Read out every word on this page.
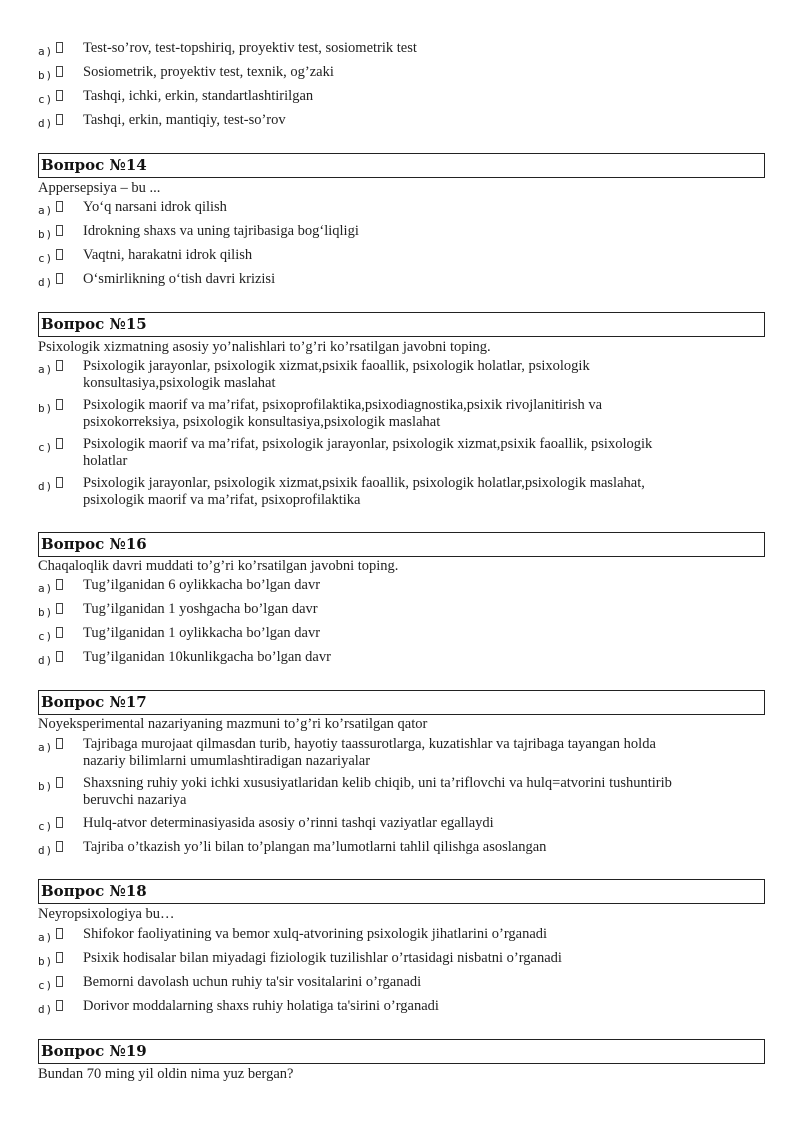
a) Test-so’rov, test-topshiriq, proyektiv test, sosiometrik test
b) Sosiometrik, proyektiv test, texnik, og’zaki
c) Tashqi, ichki, erkin, standartlashtirilgan
d) Tashqi, erkin, mantiqiy, test-so’rov
Вопрос №14
Appersepsiya – bu ...
a) Yo‘q narsani idrok qilish
b) Idrokning shaxs va uning tajribasiga bog‘liqligi
c) Vaqtni, harakatni idrok qilish
d) O‘smirlikning o‘tish davri krizisi
Вопрос №15
Psixologik xizmatning asosiy yo’nalishlari to’g’ri ko’rsatilgan javobni toping.
a) Psixologik jarayonlar, psixologik xizmat,psixik faoallik, psixologik holatlar, psixologik
konsultasiya,psixologik maslahat
b) Psixologik maorif va ma’rifat, psixoprofilaktika,psixodiagnostika,psixik rivojlanitirish va
psixokorreksiya, psixologik konsultasiya,psixologik maslahat
c) Psixologik maorif va ma’rifat, psixologik jarayonlar, psixologik xizmat,psixik faoallik, psixologik
holatlar
d) Psixologik jarayonlar, psixologik xizmat,psixik faoallik, psixologik holatlar,psixologik maslahat,
psixologik maorif va ma’rifat, psixoprofilaktika
Вопрос №16
Chaqaloqlik davri muddati to’g’ri ko’rsatilgan javobni toping.
a) Tug’ilganidan 6 oylikkacha bo’lgan davr
b) Tug’ilganidan 1 yoshgacha bo’lgan davr
c) Tug’ilganidan 1 oylikkacha bo’lgan davr
d) Tug’ilganidan 10kunlikgacha bo’lgan davr
Вопрос №17
Noyeksperimental nazariyaning mazmuni to’g’ri ko’rsatilgan qator
a) Tajribaga murojaat qilmasdan turib, hayotiy taassurotlarga, kuzatishlar va tajribaga tayangan holda
nazariy bilimlarni umumlashtiradigan nazariyalar
b) Shaxsning ruhiy yoki ichki xususiyatlaridan kelib chiqib, uni ta’riflovchi va hulq=atvorini tushuntirib
beruvchi nazariya
c) Hulq-atvor determinasiyasida asosiy o’rinni tashqi vaziyatlar egallaydi
d) Tajriba o’tkazish yo’li bilan to’plangan ma’lumotlarni tahlil qilishga asoslangan
Вопрос №18
Neyropsixologiya bu…
a) Shifokor faoliyatining va bemor xulq-atvorining psixologik jihatlarini o’rganadi
b) Psixik hodisalar bilan miyadagi fiziologik tuzilishlar o’rtasidagi nisbatni o’rganadi
c) Bemorni davolash uchun ruhiy ta'sir vositalarini o’rganadi
d) Dorivor moddalarning shaxs ruhiy holatiga ta'sirini o’rganadi
Вопрос №19
Bundan 70 ming yil oldin nima yuz bergan?
